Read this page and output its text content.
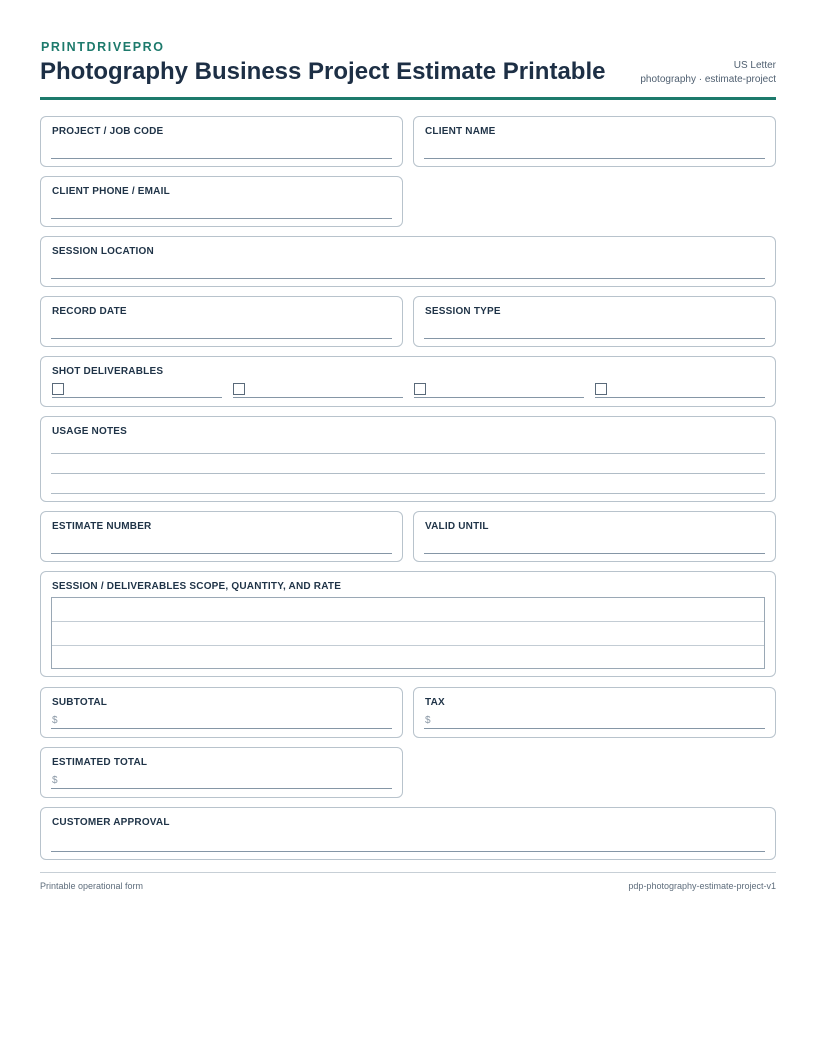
PRINTDRIVEPRO
Photography Business Project Estimate Printable	US Letter
photography · estimate-project
PROJECT / JOB CODE	CLIENT NAME
CLIENT PHONE / EMAIL
SESSION LOCATION
RECORD DATE	SESSION TYPE
SHOT DELIVERABLES
USAGE NOTES
ESTIMATE NUMBER	VALID UNTIL
SESSION / DELIVERABLES SCOPE, QUANTITY, AND RATE
SUBTOTAL
$
TAX
$
ESTIMATED TOTAL
$
CUSTOMER APPROVAL
Printable operational form	pdp-photography-estimate-project-v1
